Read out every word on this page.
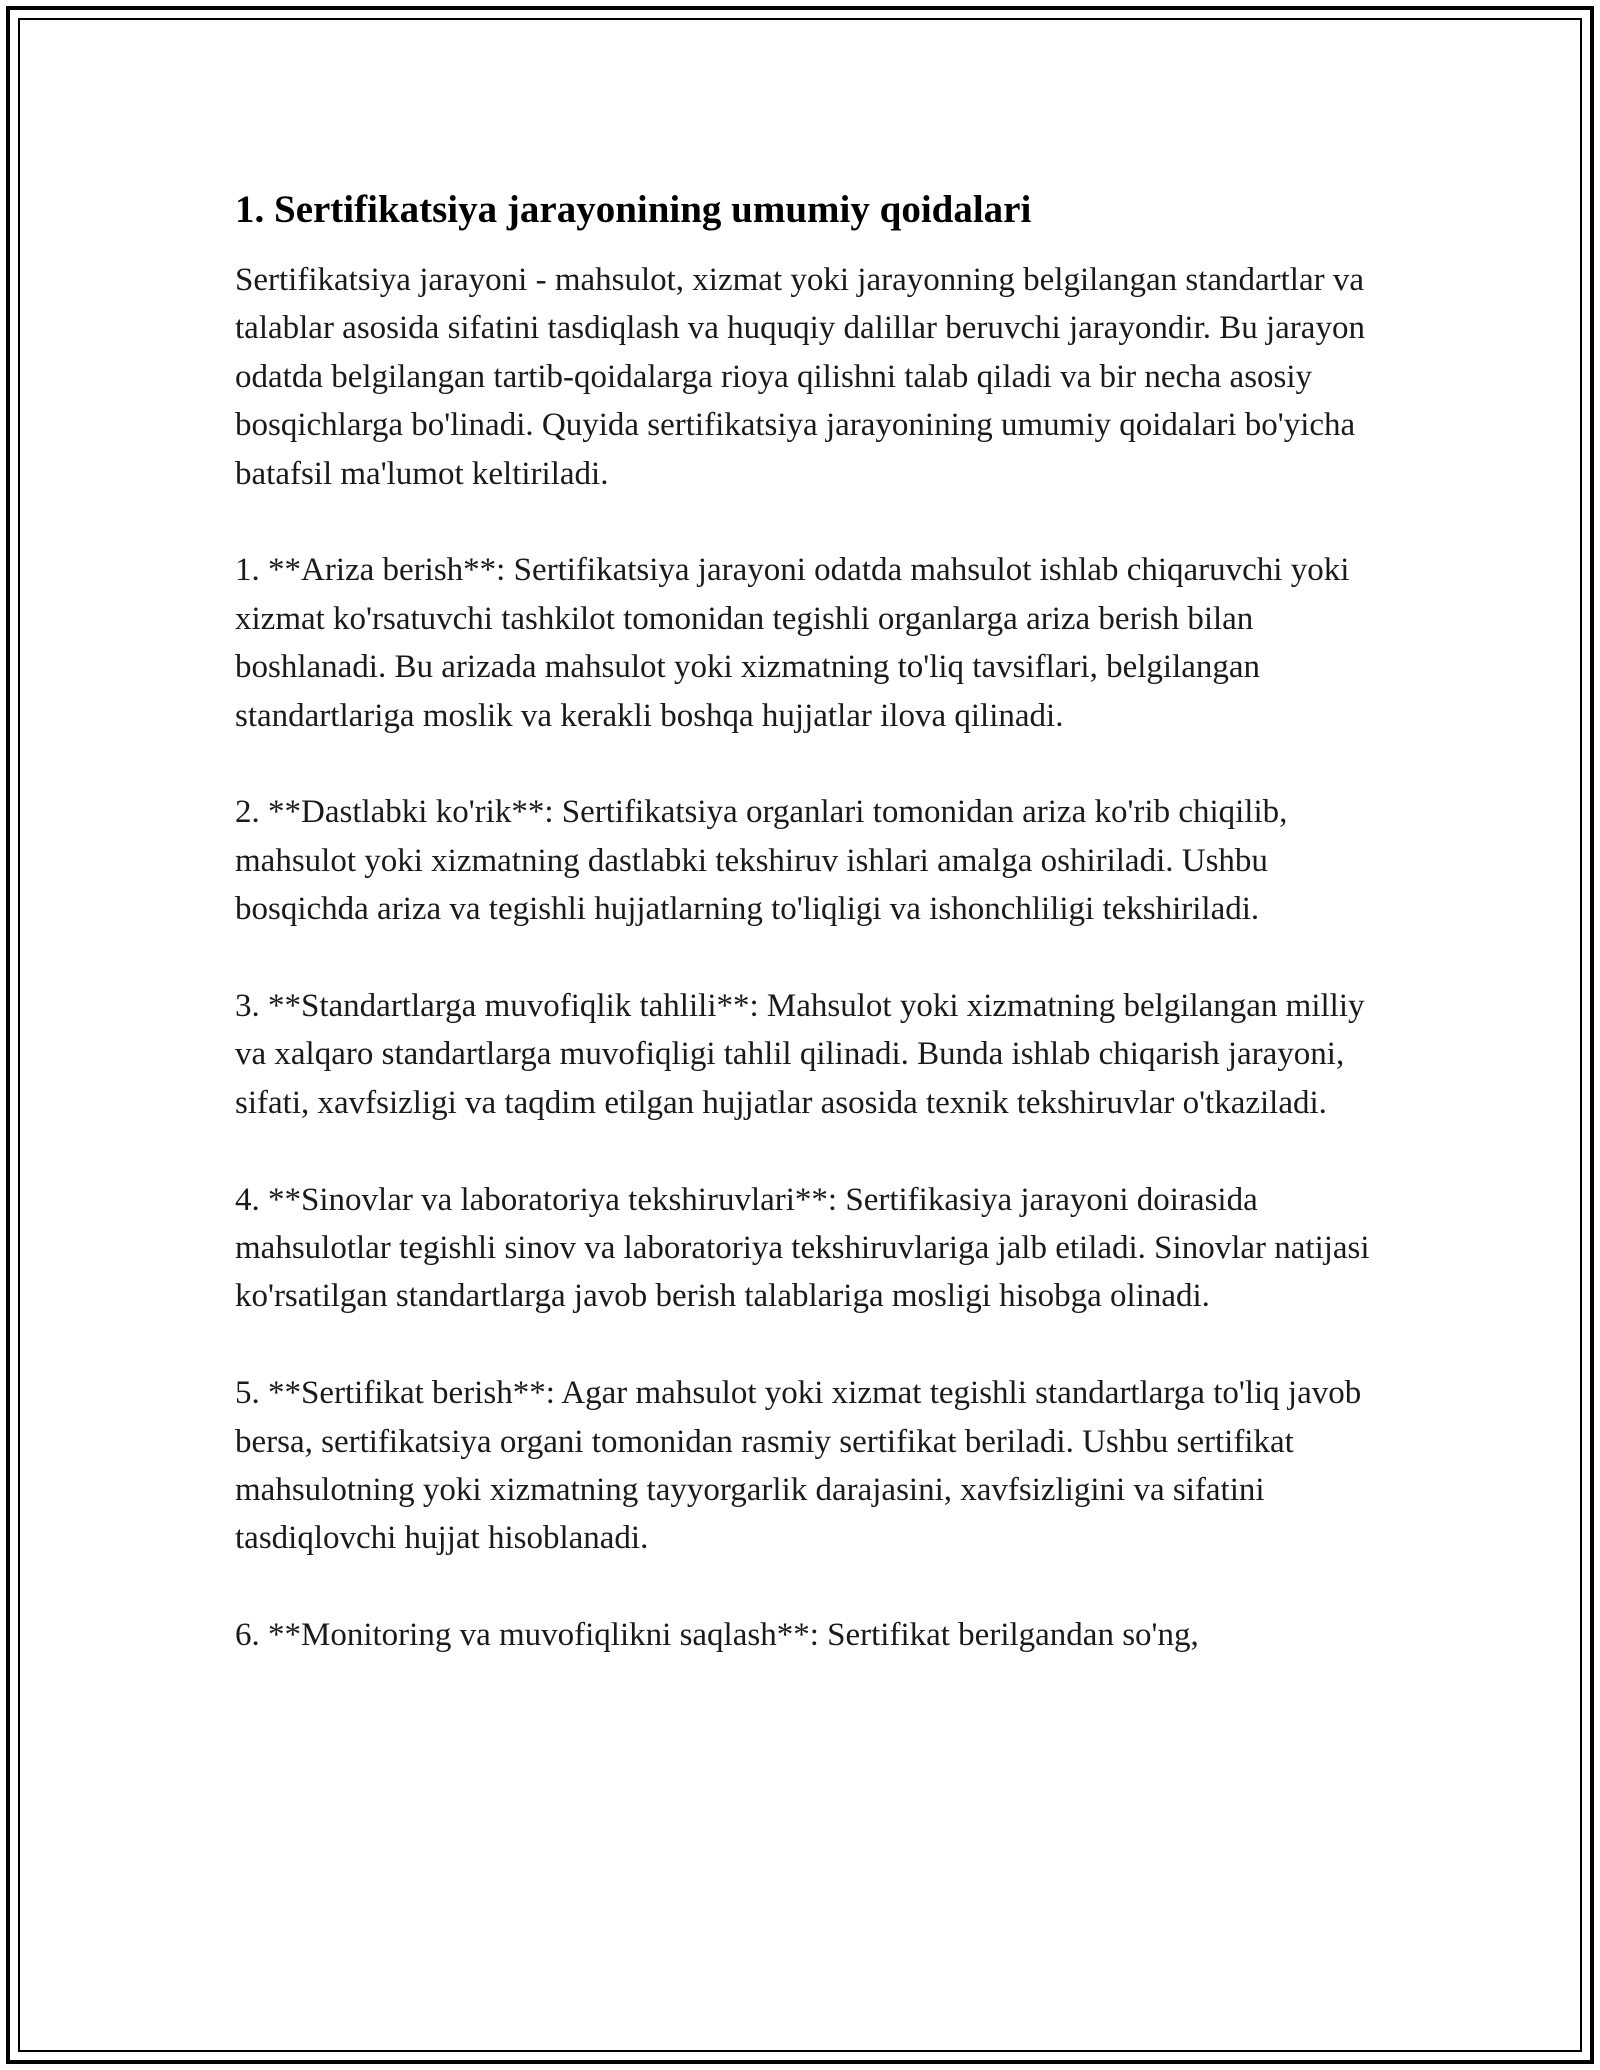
1. Sertifikatsiya jarayonining umumiy qoidalari

Sertifikatsiya jarayoni - mahsulot, xizmat yoki jarayonning belgilangan standartlar va talablar asosida sifatini tasdiqlash va huquqiy dalillar beruvchi jarayondir. Bu jarayon odatda belgilangan tartib-qoidalarga rioya qilishni talab qiladi va bir necha asosiy bosqichlarga bo'linadi. Quyida sertifikatsiya jarayonining umumiy qoidalari bo'yicha batafsil ma'lumot keltiriladi.

1. **Ariza berish**: Sertifikatsiya jarayoni odatda mahsulot ishlab chiqaruvchi yoki xizmat ko'rsatuvchi tashkilot tomonidan tegishli organlarga ariza berish bilan boshlanadi. Bu arizada mahsulot yoki xizmatning to'liq tavsiflari, belgilangan standartlariga moslik va kerakli boshqa hujjatlar ilova qilinadi.

2. **Dastlabki ko'rik**: Sertifikatsiya organlari tomonidan ariza ko'rib chiqilib, mahsulot yoki xizmatning dastlabki tekshiruv ishlari amalga oshiriladi. Ushbu bosqichda ariza va tegishli hujjatlarning to'liqligi va ishonchliligi tekshiriladi.

3. **Standartlarga muvofiqlik tahlili**: Mahsulot yoki xizmatning belgilangan milliy va xalqaro standartlarga muvofiqligi tahlil qilinadi. Bunda ishlab chiqarish jarayoni, sifati, xavfsizligi va taqdim etilgan hujjatlar asosida texnik tekshiruvlar o'tkaziladi.

4. **Sinovlar va laboratoriya tekshiruvlari**: Sertifikasiya jarayoni doirasida mahsulotlar tegishli sinov va laboratoriya tekshiruvlariga jalb etiladi. Sinovlar natijasi ko'rsatilgan standartlarga javob berish talablariga mosligi hisobga olinadi.

5. **Sertifikat berish**: Agar mahsulot yoki xizmat tegishli standartlarga to'liq javob bersa, sertifikatsiya organi tomonidan rasmiy sertifikat beriladi. Ushbu sertifikat mahsulotning yoki xizmatning tayyorgarlik darajasini, xavfsizligini va sifatini tasdiqlovchi hujjat hisoblanadi.

6. **Monitoring va muvofiqlikni saqlash**: Sertifikat berilgandan so'ng,
